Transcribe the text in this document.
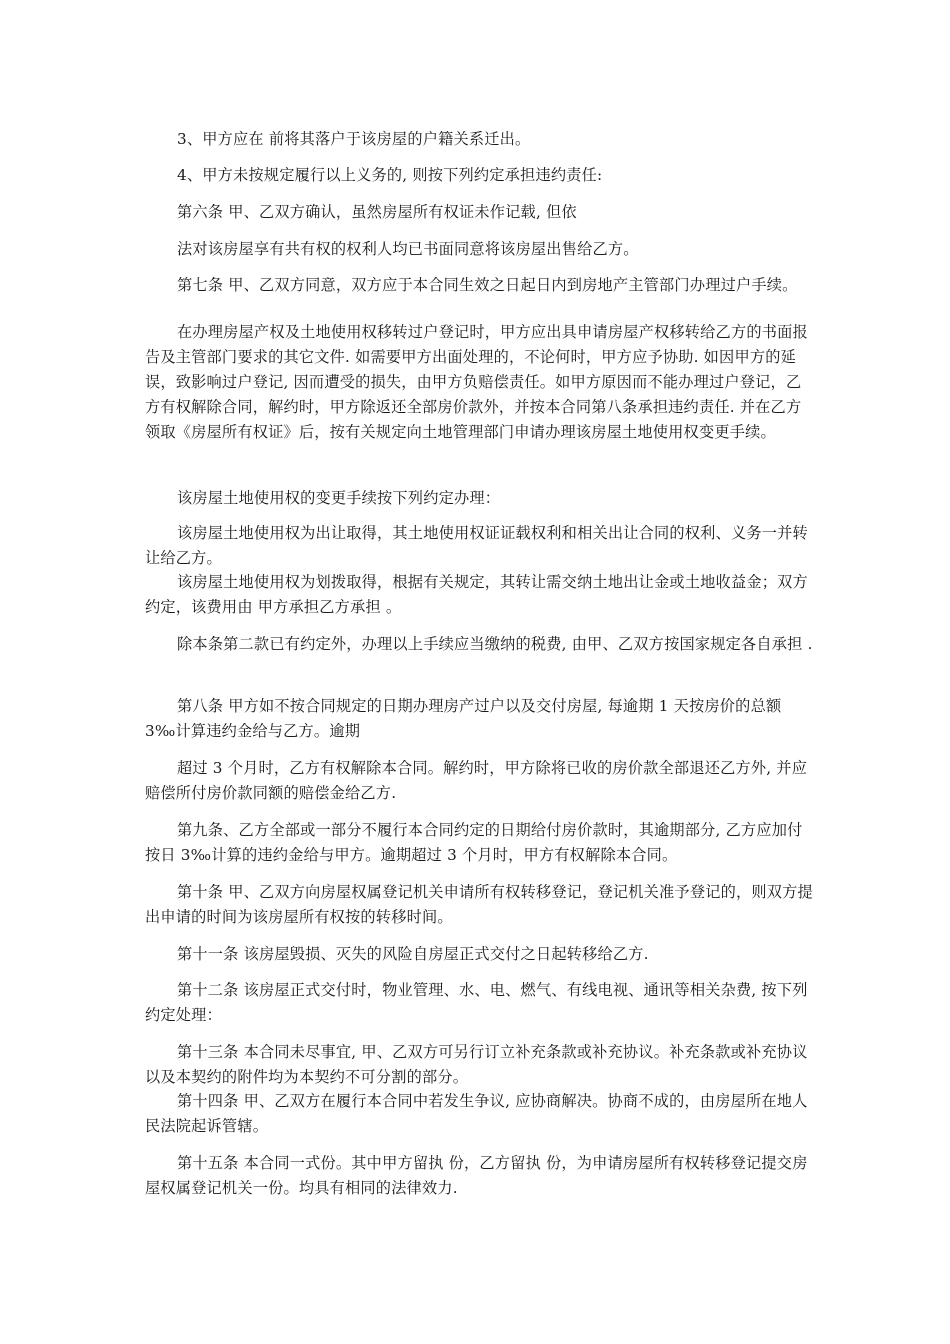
3、甲方应在 前将其落户于该房屋的户籍关系迁出。

4、甲方未按规定履行以上义务的, 则按下列约定承担违约责任:

第六条 甲、乙双方确认，虽然房屋所有权证未作记载, 但依

法对该房屋享有共有权的权利人均已书面同意将该房屋出售给乙方。

第七条 甲、乙双方同意，双方应于本合同生效之日起日内到房地产主管部门办理过户手续。

在办理房屋产权及土地使用权移转过户登记时，甲方应出具申请房屋产权移转给乙方的书面报告及主管部门要求的其它文件. 如需要甲方出面处理的，不论何时，甲方应予协助. 如因甲方的延误，致影响过户登记, 因而遭受的损失，由甲方负赔偿责任。如甲方原因而不能办理过户登记，乙方有权解除合同，解约时，甲方除返还全部房价款外，并按本合同第八条承担违约责任. 并在乙方领取《房屋所有权证》后，按有关规定向土地管理部门申请办理该房屋土地使用权变更手续。

该房屋土地使用权的变更手续按下列约定办理：

该房屋土地使用权为出让取得，其土地使用权证证载权利和相关出让合同的权利、义务一并转让给乙方。

该房屋土地使用权为划拨取得，根据有关规定，其转让需交纳土地出让金或土地收益金；双方约定，该费用由 甲方承担乙方承担 。

除本条第二款已有约定外，办理以上手续应当缴纳的税费, 由甲、乙双方按国家规定各自承担 .

第八条 甲方如不按合同规定的日期办理房产过户以及交付房屋, 每逾期 1 天按房价的总额 3‰计算违约金给与乙方。逾期

超过 3 个月时，乙方有权解除本合同。解约时，甲方除将已收的房价款全部退还乙方外, 并应赔偿所付房价款同额的赔偿金给乙方.

第九条、乙方全部或一部分不履行本合同约定的日期给付房价款时，其逾期部分, 乙方应加付按日 3‰计算的违约金给与甲方。逾期超过 3 个月时，甲方有权解除本合同。

第十条 甲、乙双方向房屋权属登记机关申请所有权转移登记，登记机关准予登记的，则双方提出申请的时间为该房屋所有权按的转移时间。

第十一条 该房屋毁损、灭失的风险自房屋正式交付之日起转移给乙方.

第十二条 该房屋正式交付时，物业管理、水、电、燃气、有线电视、通讯等相关杂费, 按下列约定处理：

第十三条 本合同未尽事宜, 甲、乙双方可另行订立补充条款或补充协议。补充条款或补充协议以及本契约的附件均为本契约不可分割的部分。

第十四条 甲、乙双方在履行本合同中若发生争议, 应协商解决。协商不成的，由房屋所在地人民法院起诉管辖。

第十五条 本合同一式份。其中甲方留执 份，乙方留执 份，为申请房屋所有权转移登记提交房屋权属登记机关一份。均具有相同的法律效力.
